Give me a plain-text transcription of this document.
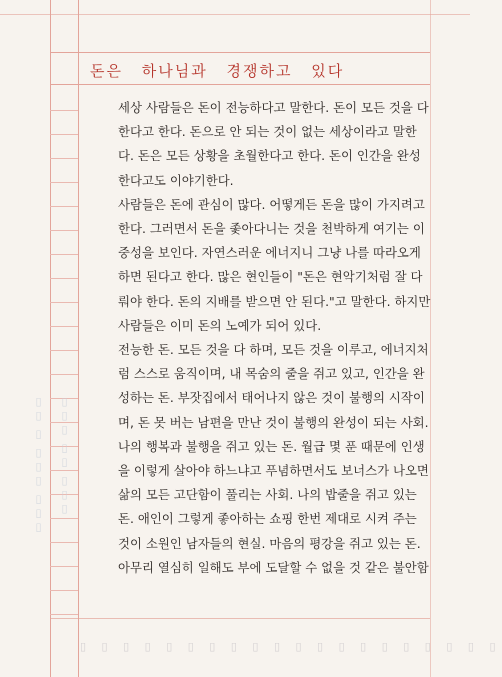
▯▯ ▯ ▯▯▯ ▯▯▯ ▯▯▯ ▯▯ ▯▯▯
▯ ▯ ▯ ▯ ▯ ▯ ▯ ▯ ▯ ▯ ▯ ▯ ▯ ▯ ▯ ▯ ▯ ▯ ▯ ▯
돈은 하나님과 경쟁하고 있다
세상 사람들은 돈이 전능하다고 말한다. 돈이 모든 것을 다
한다고 한다. 돈으로 안 되는 것이 없는 세상이라고 말한
다. 돈은 모든 상황을 초월한다고 한다. 돈이 인간을 완성
한다고도 이야기한다.
사람들은 돈에 관심이 많다. 어떻게든 돈을 많이 가지려고
한다. 그러면서 돈을 좇아다니는 것을 천박하게 여기는 이
중성을 보인다. 자연스러운 에너지니 그냥 나를 따라오게
하면 된다고 한다. 많은 현인들이 "돈은 현악기처럼 잘 다
뤄야 한다. 돈의 지배를 받으면 안 된다."고 말한다. 하지만
사람들은 이미 돈의 노예가 되어 있다.
전능한 돈. 모든 것을 다 하며, 모든 것을 이루고, 에너지처
럼 스스로 움직이며, 내 목숨의 줄을 쥐고 있고, 인간을 완
성하는 돈. 부잣집에서 태어나지 않은 것이 불행의 시작이
며, 돈 못 버는 남편을 만난 것이 불행의 완성이 되는 사회.
나의 행복과 불행을 쥐고 있는 돈. 월급 몇 푼 때문에 인생
을 이렇게 살아야 하느냐고 푸념하면서도 보너스가 나오면
삶의 모든 고단함이 풀리는 사회. 나의 밥줄을 쥐고 있는
돈. 애인이 그렇게 좋아하는 쇼핑 한번 제대로 시켜 주는
것이 소원인 남자들의 현실. 마음의 평강을 쥐고 있는 돈.
아무리 열심히 일해도 부에 도달할 수 없을 것 같은 불안함
